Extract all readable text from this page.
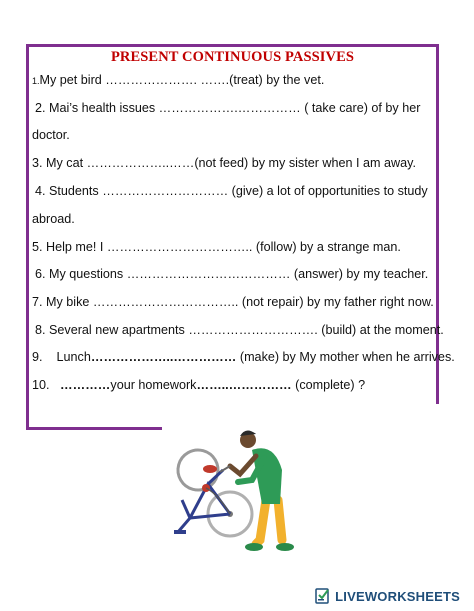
PRESENT CONTINUOUS PASSIVES
1.My pet bird …………………. …….(treat) by the vet.
2. Mai’s health issues ……………….…………… ( take care) of by her
doctor.
3. My cat ………………..……(not feed) by my sister when I am away.
4. Students ………………………… (give) a lot of opportunities to study
abroad.
5. Help me! I …………………………….. (follow) by a strange man.
6. My questions ………………………………… (answer) by my teacher.
7. My bike …………………………….. (not repair) by my father right now.
8. Several new apartments …………………………. (build) at the moment.
9. Lunch………………..…………… (make) by My mother when he arrives.
10. …………your homework……..…………… (complete) ?
LIVEWORKSHEETS
